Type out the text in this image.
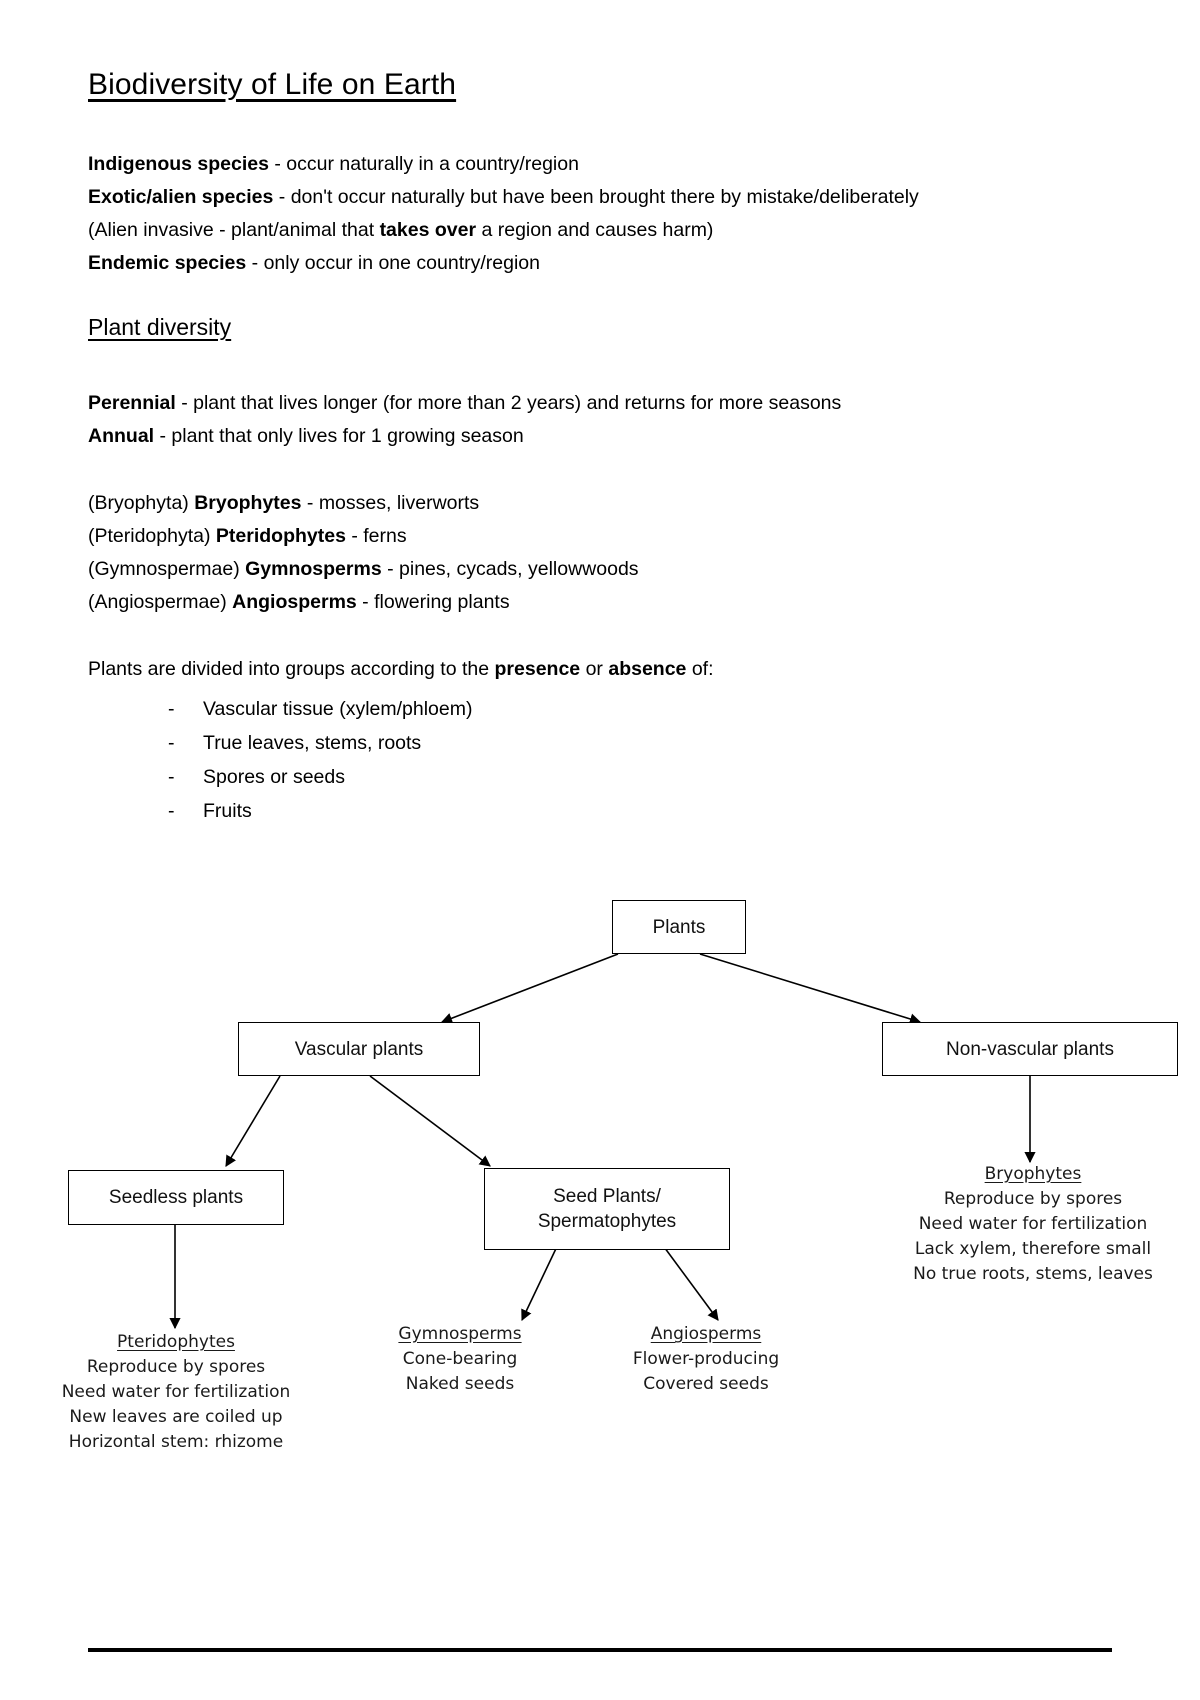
Biodiversity of Life on Earth

Indigenous species - occur naturally in a country/region

Exotic/alien species - don't occur naturally but have been brought there by mistake/deliberately

(Alien invasive - plant/animal that takes over a region and causes harm)

Endemic species - only occur in one country/region

Plant diversity

Perennial - plant that lives longer (for more than 2 years) and returns for more seasons

Annual - plant that only lives for 1 growing season

(Bryophyta) Bryophytes - mosses, liverworts

(Pteridophyta) Pteridophytes - ferns

(Gymnospermae) Gymnosperms - pines, cycads, yellowwoods

(Angiospermae) Angiosperms - flowering plants

Plants are divided into groups according to the presence or absence of:

- Vascular tissue (xylem/phloem)
- True leaves, stems, roots
- Spores or seeds
- Fruits
Plants
Vascular plants	Non-vascular plants
Seedless plants	Seed Plants/
Spermatophytes
Pteridophytes
Reproduce by spores
Need water for fertilization
New leaves are coiled up
Horizontal stem: rhizome
Gymnosperms
Cone-bearing
Naked seeds
Angiosperms
Flower-producing
Covered seeds
Bryophytes
Reproduce by spores
Need water for fertilization
Lack xylem, therefore small
No true roots, stems, leaves
